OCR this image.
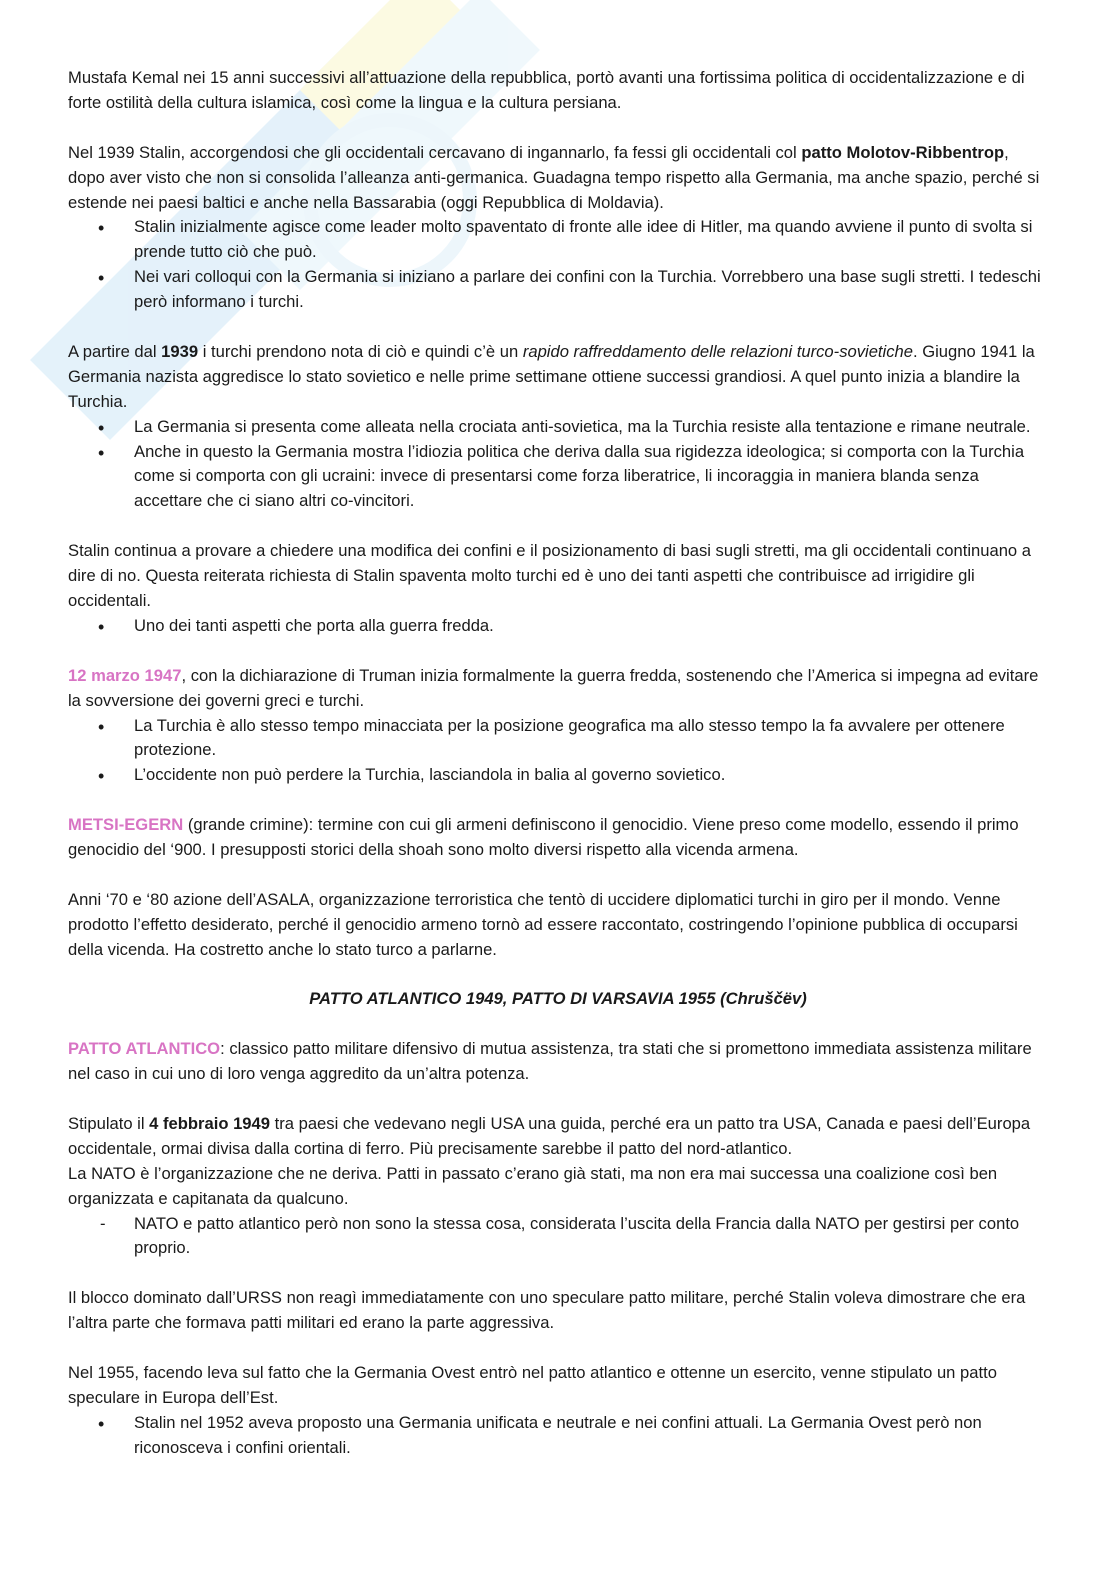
Mustafa Kemal nei 15 anni successivi all’attuazione della repubblica, portò avanti una fortissima politica di occidentalizzazione e di forte ostilità della cultura islamica, così come la lingua e la cultura persiana.

Nel 1939 Stalin, accorgendosi che gli occidentali cercavano di ingannarlo, fa fessi gli occidentali col patto Molotov-Ribbentrop, dopo aver visto che non si consolida l’alleanza anti-germanica. Guadagna tempo rispetto alla Germania, ma anche spazio, perché si estende nei paesi baltici e anche nella Bassarabia (oggi Repubblica di Moldavia).

• Stalin inizialmente agisce come leader molto spaventato di fronte alle idee di Hitler, ma quando avviene il punto di svolta si prende tutto ciò che può.
• Nei vari colloqui con la Germania si iniziano a parlare dei confini con la Turchia. Vorrebbero una base sugli stretti. I tedeschi però informano i turchi.

A partire dal 1939 i turchi prendono nota di ciò e quindi c’è un rapido raffreddamento delle relazioni turco-sovietiche. Giugno 1941 la Germania nazista aggredisce lo stato sovietico e nelle prime settimane ottiene successi grandiosi. A quel punto inizia a blandire la Turchia.

• La Germania si presenta come alleata nella crociata anti-sovietica, ma la Turchia resiste alla tentazione e rimane neutrale.
• Anche in questo la Germania mostra l’idiozia politica che deriva dalla sua rigidezza ideologica; si comporta con la Turchia come si comporta con gli ucraini: invece di presentarsi come forza liberatrice, li incoraggia in maniera blanda senza accettare che ci siano altri co-vincitori.

Stalin continua a provare a chiedere una modifica dei confini e il posizionamento di basi sugli stretti, ma gli occidentali continuano a dire di no. Questa reiterata richiesta di Stalin spaventa molto turchi ed è uno dei tanti aspetti che contribuisce ad irrigidire gli occidentali.

• Uno dei tanti aspetti che porta alla guerra fredda.

12 marzo 1947, con la dichiarazione di Truman inizia formalmente la guerra fredda, sostenendo che l’America si impegna ad evitare la sovversione dei governi greci e turchi.

• La Turchia è allo stesso tempo minacciata per la posizione geografica ma allo stesso tempo la fa avvalere per ottenere protezione.
• L’occidente non può perdere la Turchia, lasciandola in balia al governo sovietico.

METSI-EGERN (grande crimine): termine con cui gli armeni definiscono il genocidio. Viene preso come modello, essendo il primo genocidio del ‘900. I presupposti storici della shoah sono molto diversi rispetto alla vicenda armena.

Anni ‘70 e ‘80 azione dell’ASALA, organizzazione terroristica che tentò di uccidere diplomatici turchi in giro per il mondo. Venne prodotto l’effetto desiderato, perché il genocidio armeno tornò ad essere raccontato, costringendo l’opinione pubblica di occuparsi della vicenda. Ha costretto anche lo stato turco a parlarne.

PATTO ATLANTICO 1949, PATTO DI VARSAVIA 1955 (Chruščëv)

PATTO ATLANTICO: classico patto militare difensivo di mutua assistenza, tra stati che si promettono immediata assistenza militare nel caso in cui uno di loro venga aggredito da un’altra potenza.

Stipulato il 4 febbraio 1949 tra paesi che vedevano negli USA una guida, perché era un patto tra USA, Canada e paesi dell’Europa occidentale, ormai divisa dalla cortina di ferro. Più precisamente sarebbe il patto del nord-atlantico.
La NATO è l’organizzazione che ne deriva. Patti in passato c’erano già stati, ma non era mai successa una coalizione così ben organizzata e capitanata da qualcuno.

- NATO e patto atlantico però non sono la stessa cosa, considerata l’uscita della Francia dalla NATO per gestirsi per conto proprio.

Il blocco dominato dall’URSS non reagì immediatamente con uno speculare patto militare, perché Stalin voleva dimostrare che era l’altra parte che formava patti militari ed erano la parte aggressiva.

Nel 1955, facendo leva sul fatto che la Germania Ovest entrò nel patto atlantico e ottenne un esercito, venne stipulato un patto speculare in Europa dell’Est.

• Stalin nel 1952 aveva proposto una Germania unificata e neutrale e nei confini attuali. La Germania Ovest però non riconosceva i confini orientali.
